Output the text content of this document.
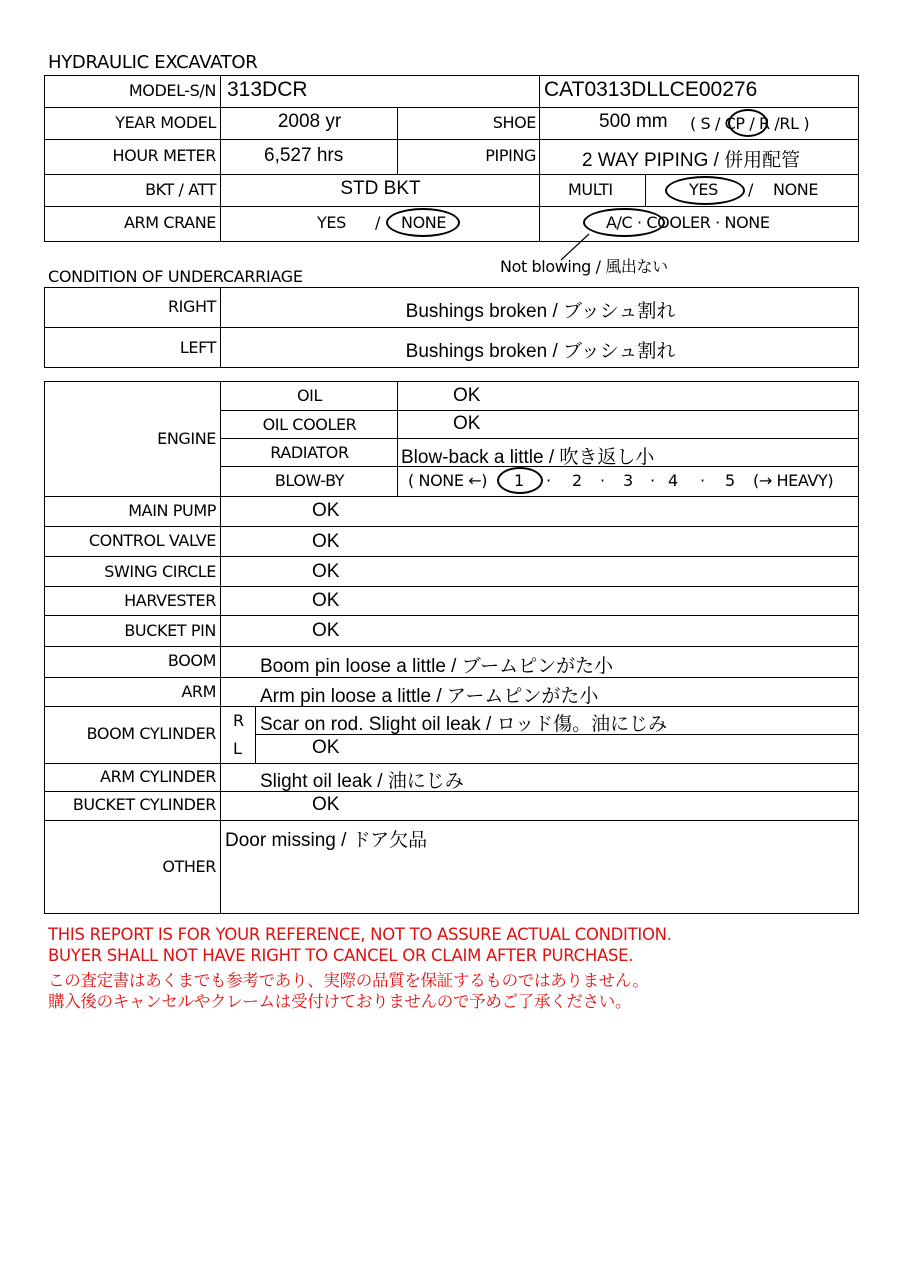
HYDRAULIC EXCAVATOR
MODEL-S/N 313DCR	CAT0313DLLCE00276
YEAR MODEL	2008 yr	SHOE	500 mm ( S / CP / R /RL )
HOUR METER	6,527 hrs	PIPING 2 WAY PIPING / 併用配管
BKT / ATT	STD BKT	MULTI	YES / NONE
ARM CRANE	YES / NONE	A/C · COOLER · NONE
Not blowing / 風出ない
CONDITION OF UNDERCARRIAGE
RIGHT	Bushings broken / ブッシュ割れ
LEFT	Bushings broken / ブッシュ割れ
ENGINE
OIL	OK
OIL COOLER	OK
RADIATOR	Blow-back a little / 吹き返し小
BLOW-BY	( NONE ←) 1 · 2 · 3 · 4 · 5 (→ HEAVY)
MAIN PUMP	OK
CONTROL VALVE	OK
SWING CIRCLE	OK
HARVESTER	OK
BUCKET PIN	OK
BOOM Boom pin loose a little / ブームピンがた小
ARM Arm pin loose a little / アームピンがた小
BOOM CYLINDER
R Scar on rod. Slight oil leak / ロッド傷。油にじみ
L	OK
ARM CYLINDER Slight oil leak / 油にじみ
BUCKET CYLINDER	OK
OTHER
Door missing / ドア欠品
THIS REPORT IS FOR YOUR REFERENCE, NOT TO ASSURE ACTUAL CONDITION.
BUYER SHALL NOT HAVE RIGHT TO CANCEL OR CLAIM AFTER PURCHASE.
この査定書はあくまでも参考であり、実際の品質を保証するものではありません。
購入後のキャンセルやクレームは受付けておりませんので予めご了承ください。
